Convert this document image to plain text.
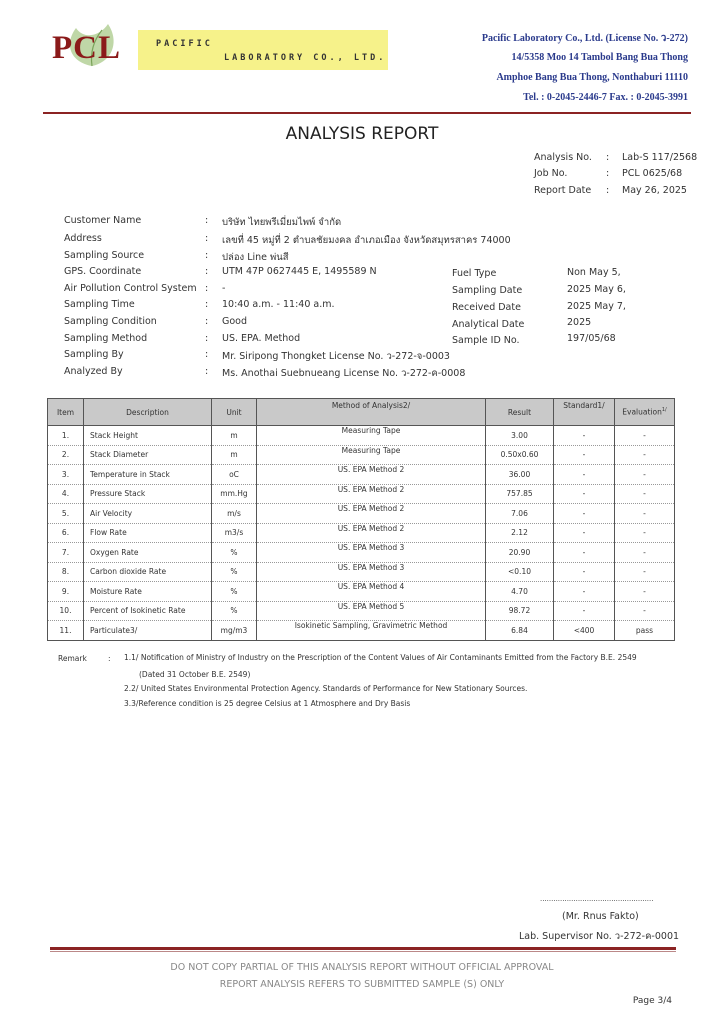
PCL	PACIFIC
LABORATORY CO., LTD.
Pacific Laboratory Co., Ltd. (License No. ว-272)
14/5358 Moo 14 Tambol Bang Bua Thong
Amphoe Bang Bua Thong, Nonthaburi 11110
Tel. : 0-2045-2446-7 Fax. : 0-2045-3991
ANALYSIS REPORT
Analysis No. : Lab-S 117/2568
Job No.	: PCL 0625/68
Report Date : May 26, 2025
Customer Name	: บริษัท ไทยพรีเมี่ยมไพพ์ จำกัด
Address	: เลขที่ 45 หมู่ที่ 2 ตำบลชัยมงคล อำเภอเมือง จังหวัดสมุทรสาคร 74000
Sampling Source	: ปล่อง Line พ่นสี
GPS. Coordinate	: UTM 47P 0627445 E, 1495589 N
Air Pollution Control System : -
Sampling Time	: 10:40 a.m. - 11:40 a.m.
Sampling Condition	: Good
Sampling Method	: US. EPA. Method
Sampling By	: Mr. Siripong Thongket License No. ว-272-จ-0003
Analyzed By	: Ms. Anothai Suebnueang License No. ว-272-ค-0008
Fuel Type	Non May 5,
Sampling Date	2025 May 6,
Received Date	2025 May 7,
Analytical Date	2025
Sample ID No.	197/05/68
Item	Description	Unit	Method of Analysis2/	Result	Standard1/	Evaluation$^{1/}$
1.	Stack Height	m	Measuring Tape	3.00	-	-
2.	Stack Diameter	m	Measuring Tape	0.50x0.60	-	-
3.	Temperature in Stack	oC	US. EPA Method 2	36.00	-	-
4.	Pressure Stack	mm.Hg	US. EPA Method 2	757.85	-	-
5.	Air Velocity	m/s	US. EPA Method 2	7.06	-	-
6.	Flow Rate	m3/s	US. EPA Method 2	2.12	-	-
7.	Oxygen Rate	%	US. EPA Method 3	20.90	-	-
8.	Carbon dioxide Rate	%	US. EPA Method 3	<0.10	-	-
9.	Moisture Rate	%	US. EPA Method 4	4.70	-	-
10.	Percent of Isokinetic Rate	%	US. EPA Method 5	98.72	-	-
11.	Particulate3/	mg/m3	Isokinetic Sampling, Gravimetric Method	6.84	<400	pass
Remark	: 1.1/ Notification of Ministry of Industry on the Prescription of the Content Values of Air Contaminants Emitted from the Factory B.E. 2549
(Dated 31 October B.E. 2549)
2.2/ United States Environmental Protection Agency. Standards of Performance for New Stationary Sources.
3.3/Reference condition is 25 degree Celsius at 1 Atmosphere and Dry Basis
...................................................
(Mr. Rnus Fakto)
Lab. Supervisor No. ว-272-ค-0001
DO NOT COPY PARTIAL OF THIS ANALYSIS REPORT WITHOUT OFFICIAL APPROVAL
REPORT ANALYSIS REFERS TO SUBMITTED SAMPLE (S) ONLY
Page 3/4
